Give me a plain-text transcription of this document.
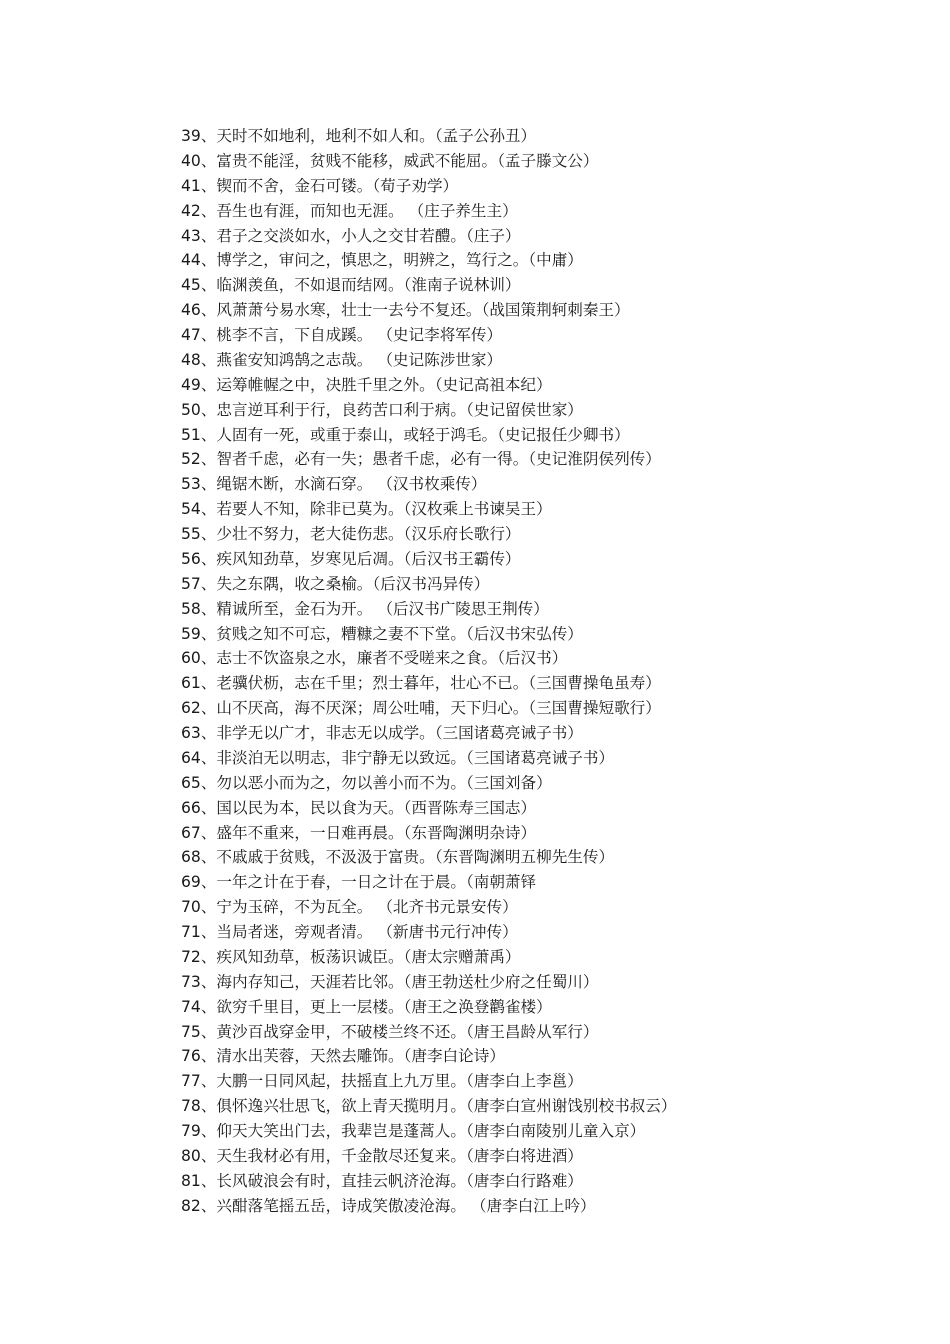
39、天时不如地利，地利不如人和。（孟子公孙丑）
40、富贵不能淫，贫贱不能移，威武不能屈。（孟子滕文公）
41、锲而不舍，金石可镂。（荀子劝学）
42、吾生也有涯，而知也无涯。 （庄子养生主）
43、君子之交淡如水，小人之交甘若醴。（庄子）
44、博学之，审问之，慎思之，明辨之，笃行之。（中庸）
45、临渊羡鱼，不如退而结网。（淮南子说林训）
46、风萧萧兮易水寒，壮士一去兮不复还。（战国策荆轲刺秦王）
47、桃李不言，下自成蹊。 （史记李将军传）
48、燕雀安知鸿鹄之志哉。 （史记陈涉世家）
49、运筹帷幄之中，决胜千里之外。（史记高祖本纪）
50、忠言逆耳利于行，良药苦口利于病。（史记留侯世家）
51、人固有一死，或重于泰山，或轻于鸿毛。（史记报任少卿书）
52、智者千虑，必有一失；愚者千虑，必有一得。（史记淮阴侯列传）
53、绳锯木断，水滴石穿。 （汉书枚乘传）
54、若要人不知，除非已莫为。（汉枚乘上书谏吴王）
55、少壮不努力，老大徒伤悲。（汉乐府长歌行）
56、疾风知劲草，岁寒见后凋。（后汉书王霸传）
57、失之东隅，收之桑榆。（后汉书冯异传）
58、精诚所至，金石为开。 （后汉书广陵思王荆传）
59、贫贱之知不可忘，糟糠之妻不下堂。（后汉书宋弘传）
60、志士不饮盗泉之水，廉者不受嗟来之食。（后汉书）
61、老骥伏枥，志在千里；烈士暮年，壮心不已。（三国曹操龟虽寿）
62、山不厌高，海不厌深；周公吐哺，天下归心。（三国曹操短歌行）
63、非学无以广才，非志无以成学。（三国诸葛亮诫子书）
64、非淡泊无以明志，非宁静无以致远。（三国诸葛亮诫子书）
65、勿以恶小而为之，勿以善小而不为。（三国刘备）
66、国以民为本，民以食为天。（西晋陈寿三国志）
67、盛年不重来，一日难再晨。（东晋陶渊明杂诗）
68、不戚戚于贫贱，不汲汲于富贵。（东晋陶渊明五柳先生传）
69、一年之计在于春，一日之计在于晨。（南朝萧铎
70、宁为玉碎，不为瓦全。 （北齐书元景安传）
71、当局者迷，旁观者清。 （新唐书元行冲传）
72、疾风知劲草，板荡识诚臣。（唐太宗赠萧禹）
73、海内存知己，天涯若比邻。（唐王勃送杜少府之任蜀川）
74、欲穷千里目，更上一层楼。（唐王之涣登鹳雀楼）
75、黄沙百战穿金甲，不破楼兰终不还。（唐王昌龄从军行）
76、清水出芙蓉，天然去雕饰。（唐李白论诗）
77、大鹏一日同风起，扶摇直上九万里。（唐李白上李邕）
78、俱怀逸兴壮思飞，欲上青天揽明月。（唐李白宣州谢饯别校书叔云）
79、仰天大笑出门去，我辈岂是蓬蒿人。（唐李白南陵别儿童入京）
80、天生我材必有用，千金散尽还复来。（唐李白将进酒）
81、长风破浪会有时，直挂云帆济沧海。（唐李白行路难）
82、兴酣落笔摇五岳，诗成笑傲凌沧海。 （唐李白江上吟）
